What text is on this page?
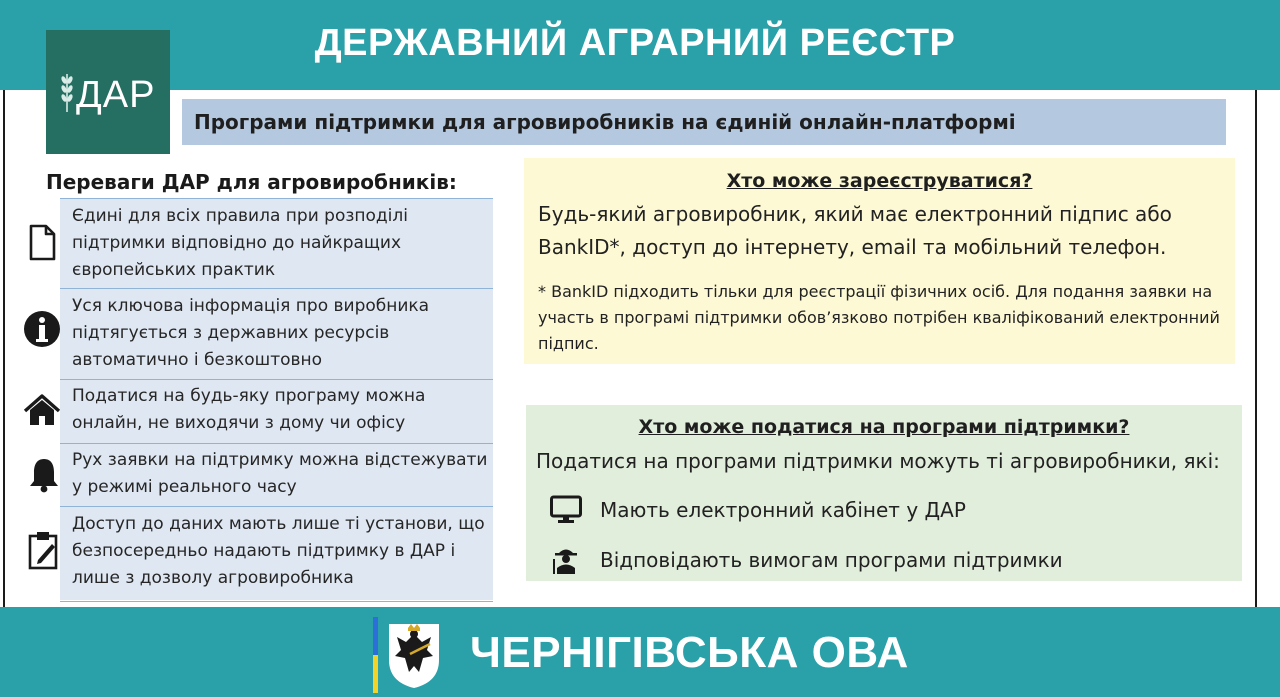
ДЕРЖАВНИЙ АГРАРНИЙ РЕЄСТР
ДАР
Програми підтримки для агровиробників на єдиній онлайн-платформі
Переваги ДАР для агровиробників:
Єдині для всіх правила при розподілі підтримки відповідно до найкращих європейських практик
Уся ключова інформація про виробника підтягується з державних ресурсів автоматично і безкоштовно
Податися на будь-яку програму можна онлайн, не виходячи з дому чи офісу
Рух заявки на підтримку можна відстежувати у режимі реального часу
Доступ до даних мають лише ті установи, що безпосередньо надають підтримку в ДАР і лише з дозволу агровиробника
Хто може зареєструватися?
Будь-який агровиробник, який має електронний підпис або BankID*, доступ до інтернету, email та мобільний телефон.
* BankID підходить тільки для реєстрації фізичних осіб. Для подання заявки на участь в програмі підтримки обов’язково потрібен кваліфікований електронний підпис.
Хто може податися на програми підтримки?
Податися на програми підтримки можуть ті агровиробники, які:
Мають електронний кабінет у ДАР
Відповідають вимогам програми підтримки
ЧЕРНІГІВСЬКА ОВА
